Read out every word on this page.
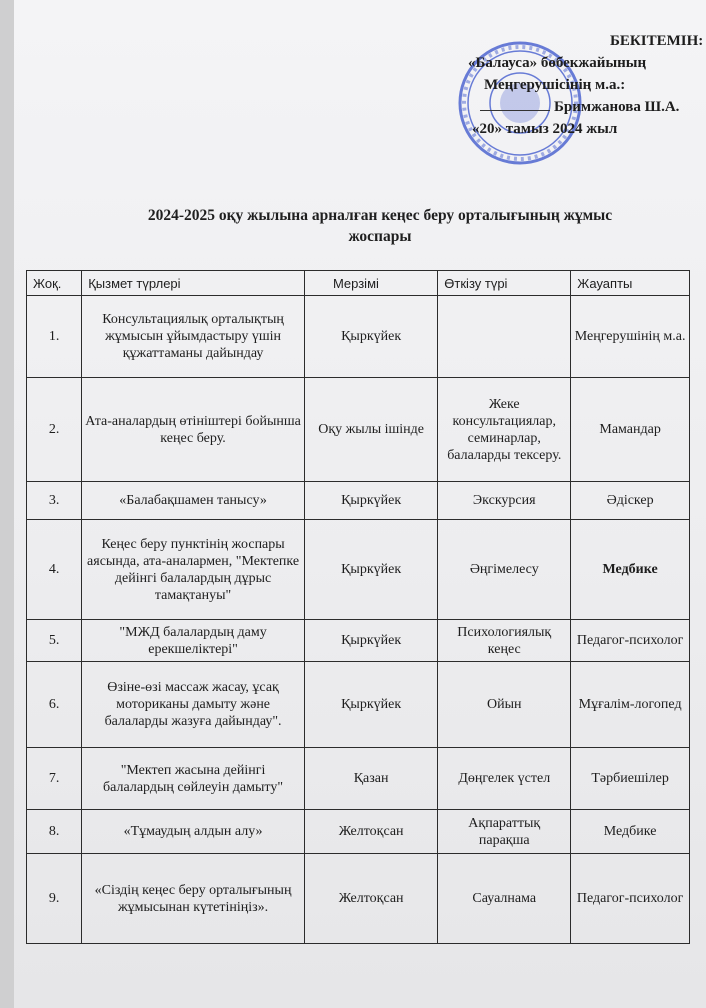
БЕКІТЕМІН:
«Балауса» бөбекжайының
Меңгерушісінің м.а.:
Бримжанова Ш.А.
«20» тамыз 2024 жыл
2024-2025 оқу жылына арналған кеңес беру орталығының жұмыс
жоспары
Жоқ.	Қызмет түрлері	Мерзімі	Өткізу түрі	Жауапты
1.	Консультациялық орталықтың жұмысын ұйымдастыру үшін құжаттаманы дайындау	Қыркүйек		Меңгерушінің м.а.
2.	Ата-аналардың өтініштері бойынша кеңес беру.	Оқу жылы ішінде	Жеке консультациялар, семинарлар, балаларды тексеру.	Мамандар
3.	«Балабақшамен танысу»	Қыркүйек	Экскурсия	Әдіскер
4.	Кеңес беру пунктінің жоспары аясында, ата-аналармен, "Мектепке дейінгі балалардың дұрыс тамақтануы"	Қыркүйек	Әңгімелесу	Медбике
5.	"МЖД балалардың даму ерекшеліктері"	Қыркүйек	Психологиялық кеңес	Педагог-психолог
6.	Өзіне-өзі массаж жасау, ұсақ моториканы дамыту және балаларды жазуға дайындау".	Қыркүйек	Ойын	Мұғалім-логопед
7.	"Мектеп жасына дейінгі балалардың сөйлеуін дамыту"	Қазан	Дөңгелек үстел	Тәрбиешілер
8.	«Тұмаудың алдын алу»	Желтоқсан	Ақпараттық парақша	Медбике
9.	«Сіздің кеңес беру орталығының жұмысынан күтетініңіз».	Желтоқсан	Сауалнама	Педагог-психолог
